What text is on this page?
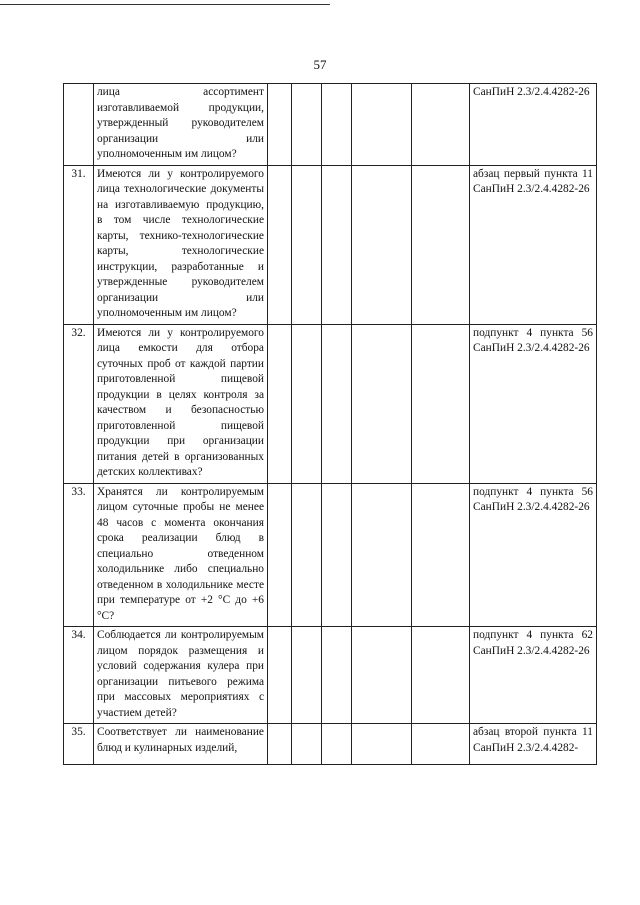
57
	лица ассортимент изготавливаемой продукции, утвержденный руководителем организации или уполномоченным им лицом?						СанПиН 2.3/2.4.4282-26
31.	Имеются ли у контролируемого лица технологические документы на изготавливаемую продукцию, в том числе технологические карты, технико-технологические карты, технологические инструкции, разработанные и утвержденные руководителем организации или уполномоченным им лицом?						абзац первый пункта 11 СанПиН 2.3/2.4.4282-26
32.	Имеются ли у контролируемого лица емкости для отбора суточных проб от каждой партии приготовленной пищевой продукции в целях контроля за качеством и безопасностью приготовленной пищевой продукции при организации питания детей в организованных детских коллективах?						подпункт 4 пункта 56 СанПиН 2.3/2.4.4282-26
33.	Хранятся ли контролируемым лицом суточные пробы не менее 48 часов с момента окончания срока реализации блюд в специально отведенном холодильнике либо специально отведенном в холодильнике месте при температуре от +2 °C до +6 °C?						подпункт 4 пункта 56 СанПиН 2.3/2.4.4282-26
34.	Соблюдается ли контролируемым лицом порядок размещения и условий содержания кулера при организации питьевого режима при массовых мероприятиях с участием детей?						подпункт 4 пункта 62 СанПиН 2.3/2.4.4282-26
35.	Соответствует ли наименование блюд и кулинарных изделий,						абзац второй пункта 11 СанПиН 2.3/2.4.4282-
